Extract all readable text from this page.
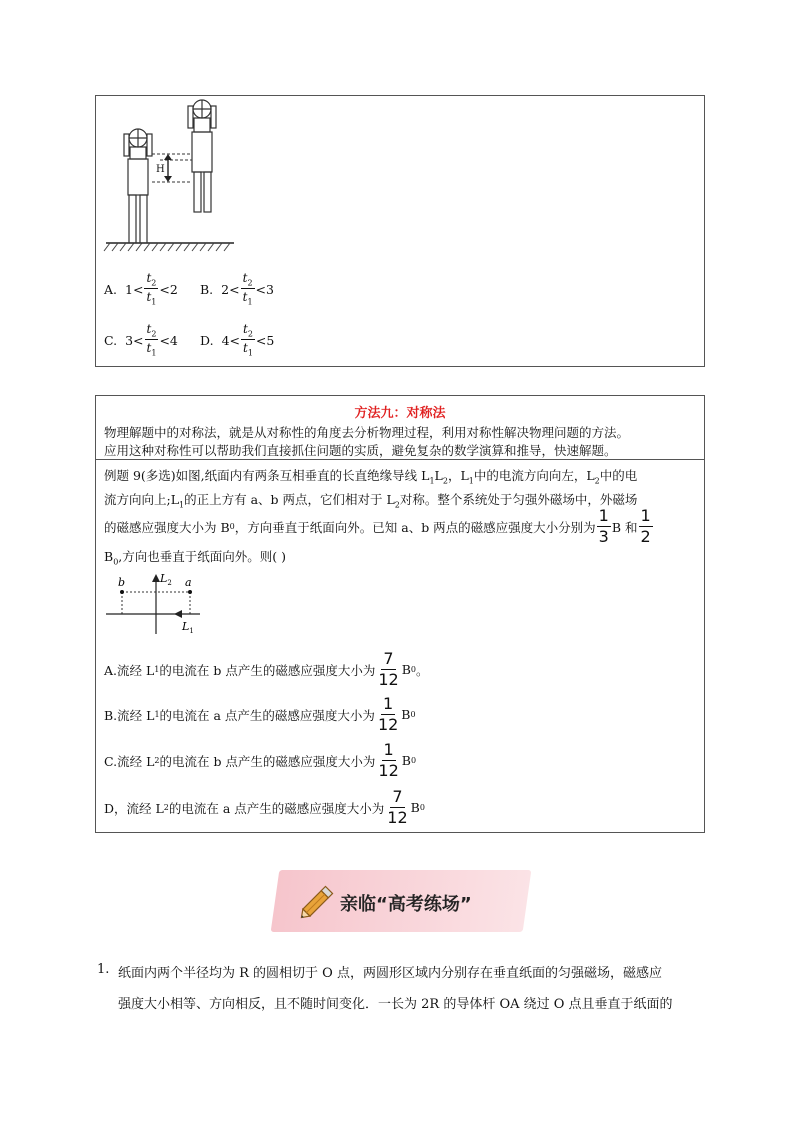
H
A. $1< \frac{t_2}{t_1} <2$ B. $2< \frac{t_2}{t_1} <3$
C. $3< \frac{t_2}{t_1} <4$ D. $4< \frac{t_2}{t_1} <5$
方法九：对称法
物理解题中的对称法，就是从对称性的角度去分析物理过程，利用对称性解决物理问题的方法。
应用这种对称性可以帮助我们直接抓住问题的实质，避免复杂的数学演算和推导，快速解题。
例题 9(多选)如图,纸面内有两条互相垂直的长直绝缘导线 $L_1L_2$，$L_1$中的电流方向向左，$L_2$中的电
流方向向上$;L_1$的正上方有 a、b 两点，它们相对于 $L_2$对称。整个系统处于匀强外磁场中，外磁场
的磁感应强度大小为 B 0 ，方向垂直于纸面向外。已知 a、b 两点的磁感应强度大小分别为 $\frac{1}{3}$ B 和 $\frac{1}{2}$
$B_0$,方向也垂直于纸面向外。则( )
b	a
$L_2$
$L_1$
A.流经 L 1 的电流在 b 点产生的磁感应强度大小为 $\frac{7}{12}$ B 0 。
B.流经 L 1 的电流在 a 点产生的磁感应强度大小为 $\frac{1}{12}$ B 0
C.流经 L 2 的电流在 b 点产生的磁感应强度大小为 $\frac{1}{12}$ B 0
D，流经 L 2 的电流在 a 点产生的磁感应强度大小为 $\frac{7}{12}$ B 0
亲临“高考练场”
1. 纸面内两个半径均为 R 的圆相切于 O 点，两圆形区域内分别存在垂直纸面的匀强磁场，磁感应
强度大小相等、方向相反，且不随时间变化．一长为 2R 的导体杆 OA 绕过 O 点且垂直于纸面的
